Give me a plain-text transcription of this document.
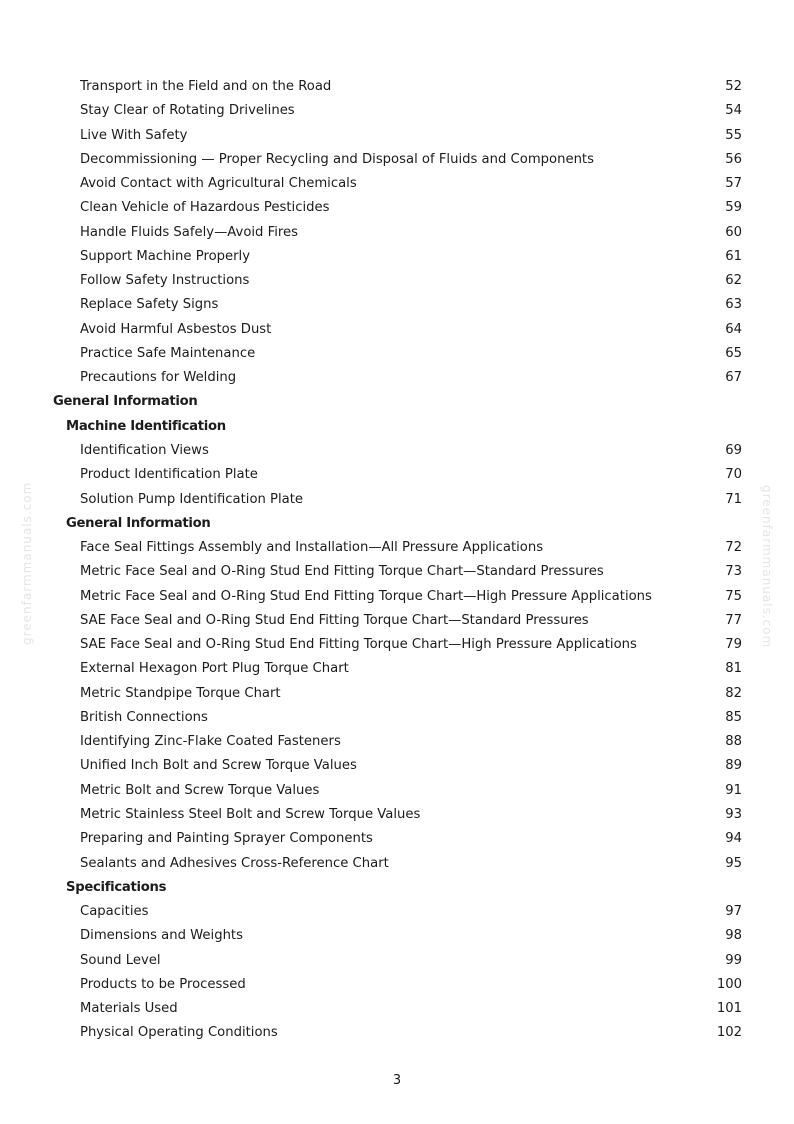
Transport in the Field and on the Road	52
Stay Clear of Rotating Drivelines	54
Live With Safety	55
Decommissioning — Proper Recycling and Disposal of Fluids and Components	56
Avoid Contact with Agricultural Chemicals	57
Clean Vehicle of Hazardous Pesticides	59
Handle Fluids Safely—Avoid Fires	60
Support Machine Properly	61
Follow Safety Instructions	62
Replace Safety Signs	63
Avoid Harmful Asbestos Dust	64
Practice Safe Maintenance	65
Precautions for Welding	67
General Information
Machine Identification
Identification Views	69
Product Identification Plate	70
Solution Pump Identification Plate	71
General Information
Face Seal Fittings Assembly and Installation—All Pressure Applications	72
Metric Face Seal and O-Ring Stud End Fitting Torque Chart—Standard Pressures	73
Metric Face Seal and O-Ring Stud End Fitting Torque Chart—High Pressure Applications	75
SAE Face Seal and O-Ring Stud End Fitting Torque Chart—Standard Pressures	77
SAE Face Seal and O-Ring Stud End Fitting Torque Chart—High Pressure Applications	79
External Hexagon Port Plug Torque Chart	81
Metric Standpipe Torque Chart	82
British Connections	85
Identifying Zinc-Flake Coated Fasteners	88
Unified Inch Bolt and Screw Torque Values	89
Metric Bolt and Screw Torque Values	91
Metric Stainless Steel Bolt and Screw Torque Values	93
Preparing and Painting Sprayer Components	94
Sealants and Adhesives Cross-Reference Chart	95
Specifications
Capacities	97
Dimensions and Weights	98
Sound Level	99
Products to be Processed	100
Materials Used	101
Physical Operating Conditions	102
greenfarmmanuals.com	greenfarmmanuals.com
3
